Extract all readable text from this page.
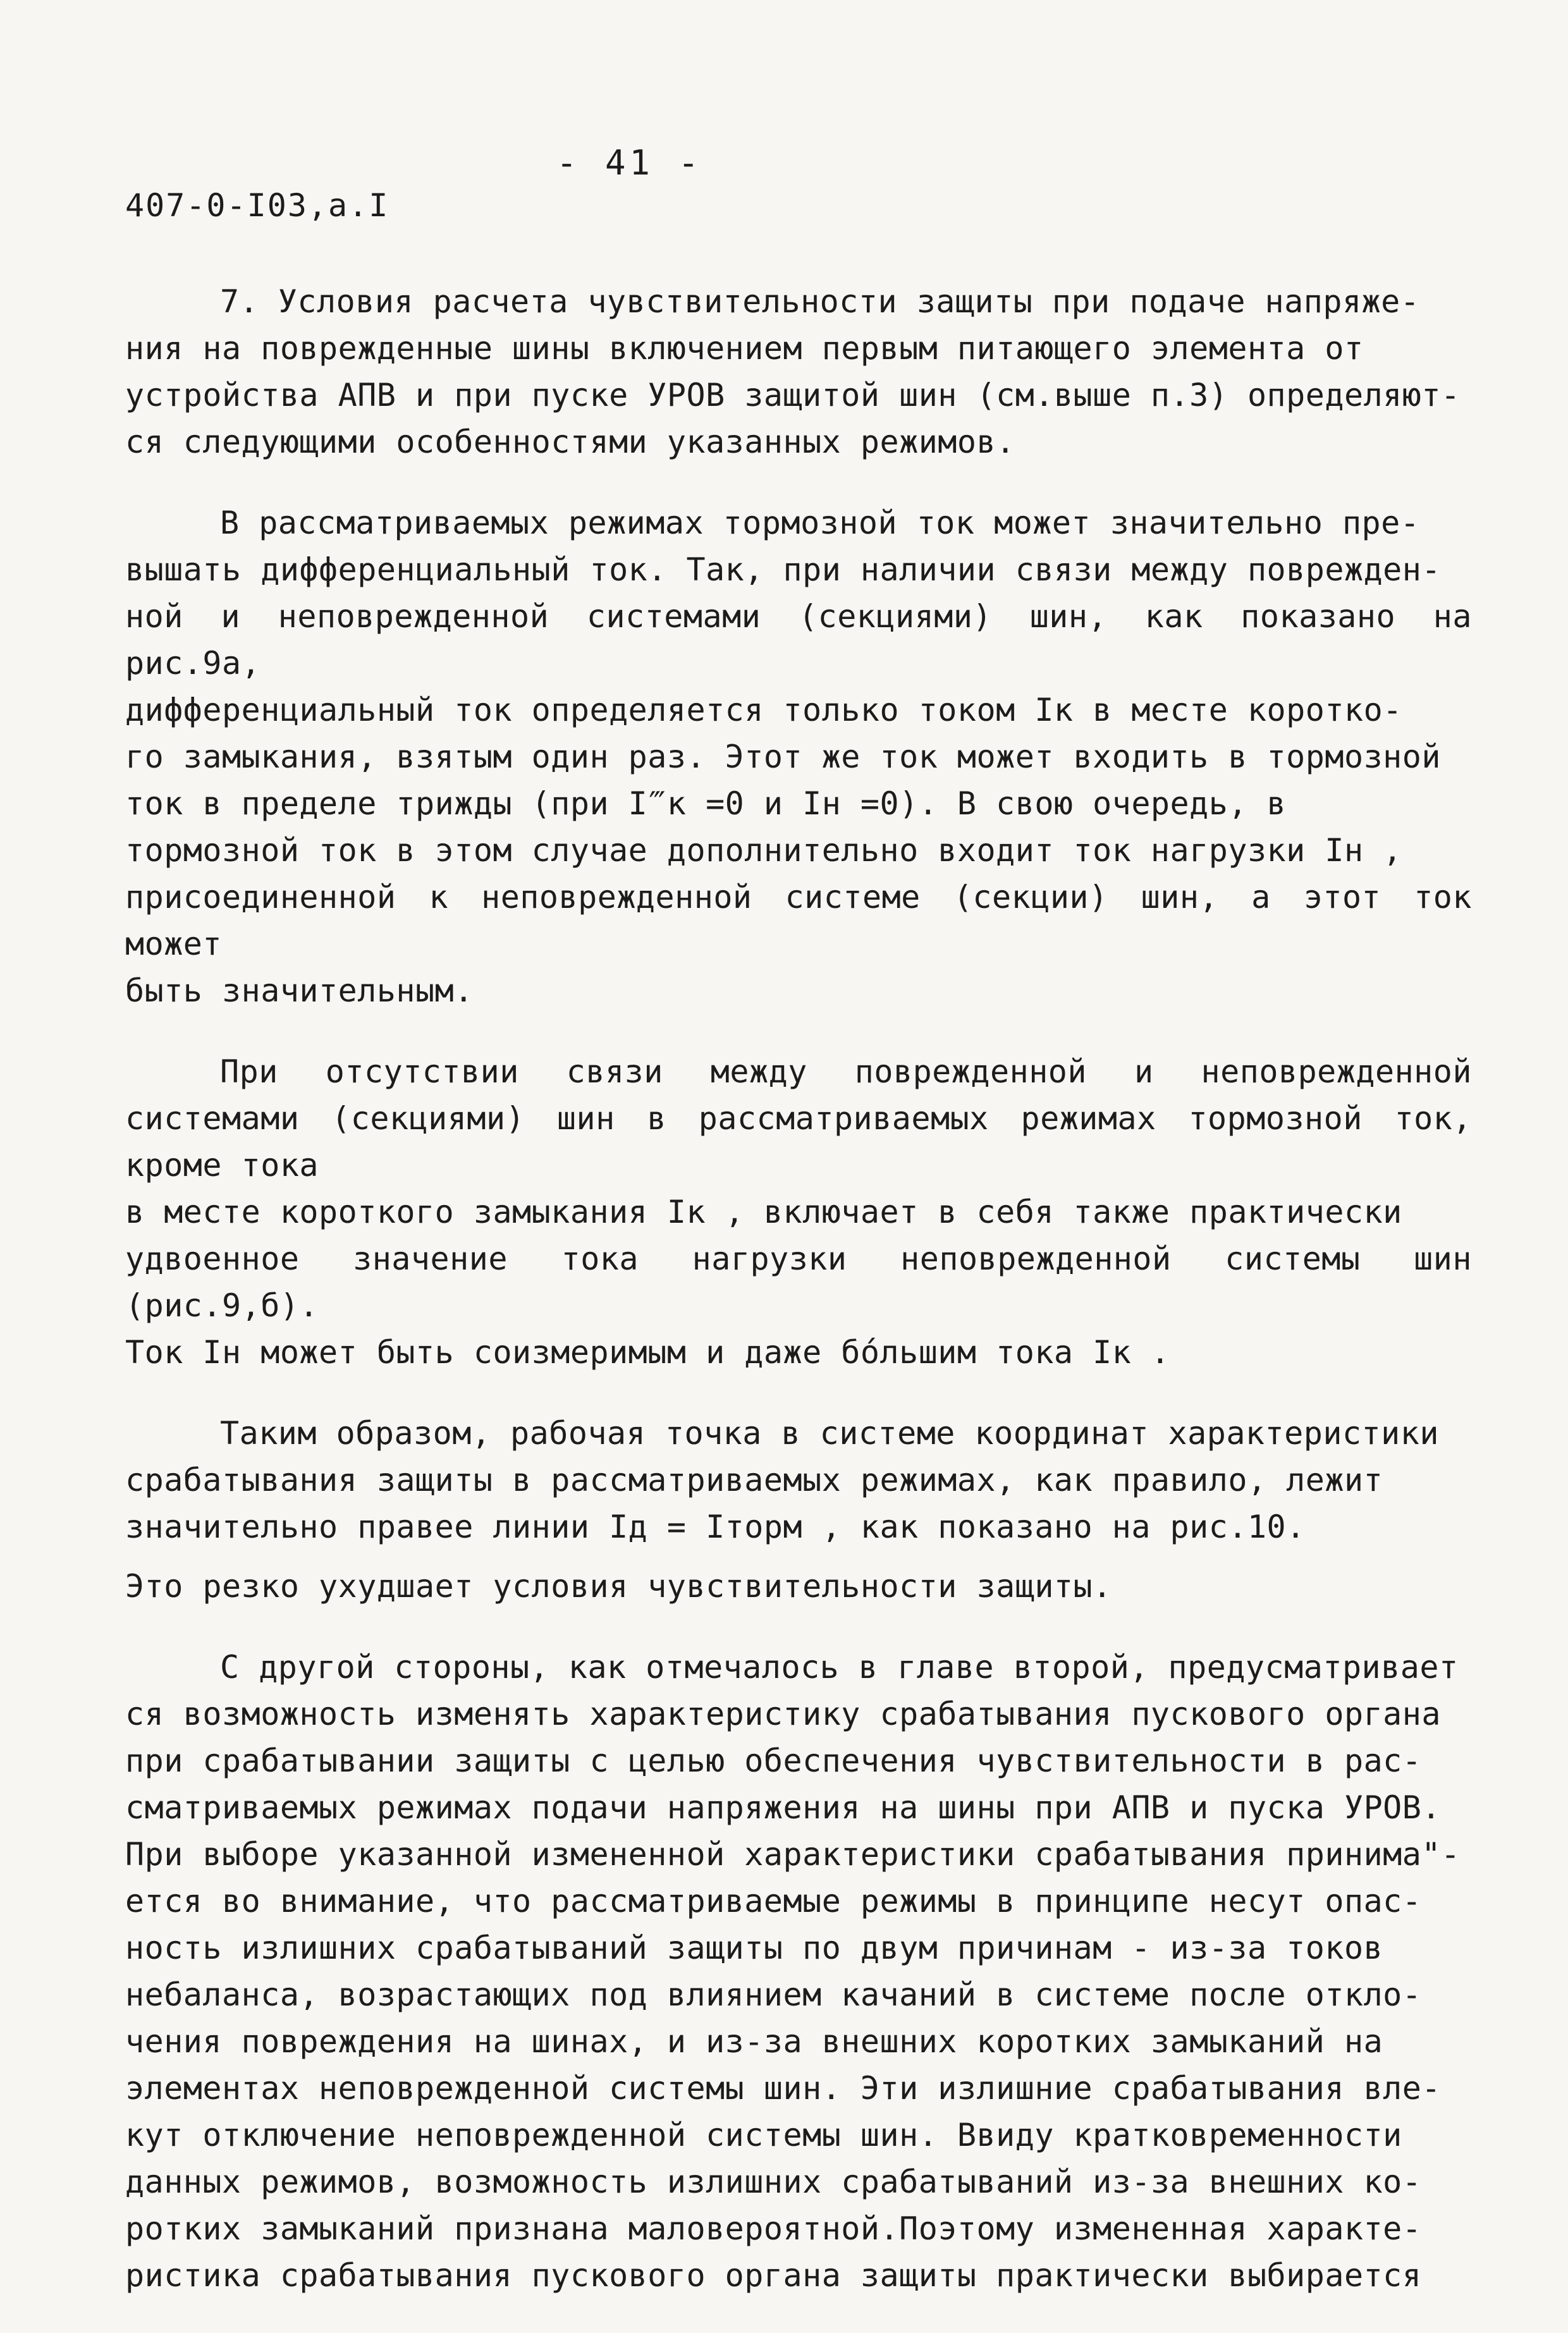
407-0-I03,a.I
- 41 -

7. Условия расчета чувствительности защиты при подаче напряже-
ния на поврежденные шины включением первым питающего элемента от
устройства АПВ и при пуске УРОВ защитой шин (см.выше п.3) определяют-
ся следующими особенностями указанных режимов.

В рассматриваемых режимах тормозной ток может значительно пре-
вышать дифференциальный ток. Так, при наличии связи между поврежден-
ной и неповрежденной системами (секциями) шин, как показано на рис.9а,
дифференциальный ток определяется только током Iк в месте коротко-
го замыкания, взятым один раз. Этот же ток может входить в тормозной
ток в пределе трижды (при I‴к =0 и Iн =0). В свою очередь, в
тормозной ток в этом случае дополнительно входит ток нагрузки Iн ,
присоединенной к неповрежденной системе (секции) шин, а этот ток может
быть значительным.

При отсутствии связи между поврежденной и неповрежденной системами (секциями) шин в рассматриваемых режимах тормозной ток, кроме тока
в месте короткого замыкания Iк , включает в себя также практически
удвоенное значение тока нагрузки неповрежденной системы шин (рис.9,б).
Ток Iн может быть соизмеримым и даже бо́льшим тока Iк .

Таким образом, рабочая точка в системе координат характеристики
срабатывания защиты в рассматриваемых режимах, как правило, лежит
значительно правее линии Iд = Iторм , как показано на рис.10.

Это резко ухудшает условия чувствительности защиты.

С другой стороны, как отмечалось в главе второй, предусматривает
ся возможность изменять характеристику срабатывания пускового органа
при срабатывании защиты с целью обеспечения чувствительности в рас-
сматриваемых режимах подачи напряжения на шины при АПВ и пуска УРОВ.
При выборе указанной измененной характеристики срабатывания принима"-
ется во внимание, что рассматриваемые режимы в принципе несут опас-
ность излишних срабатываний защиты по двум причинам - из-за токов
небаланса, возрастающих под влиянием качаний в системе после откло-
чения повреждения на шинах, и из-за внешних коротких замыканий на
элементах неповрежденной системы шин. Эти излишние срабатывания вле-
кут отключение неповрежденной системы шин. Ввиду кратковременности
данных режимов, возможность излишних срабатываний из-за внешних ко-
ротких замыканий признана маловероятной.Поэтому измененная характе-
ристика срабатывания пускового органа защиты практически выбирается
